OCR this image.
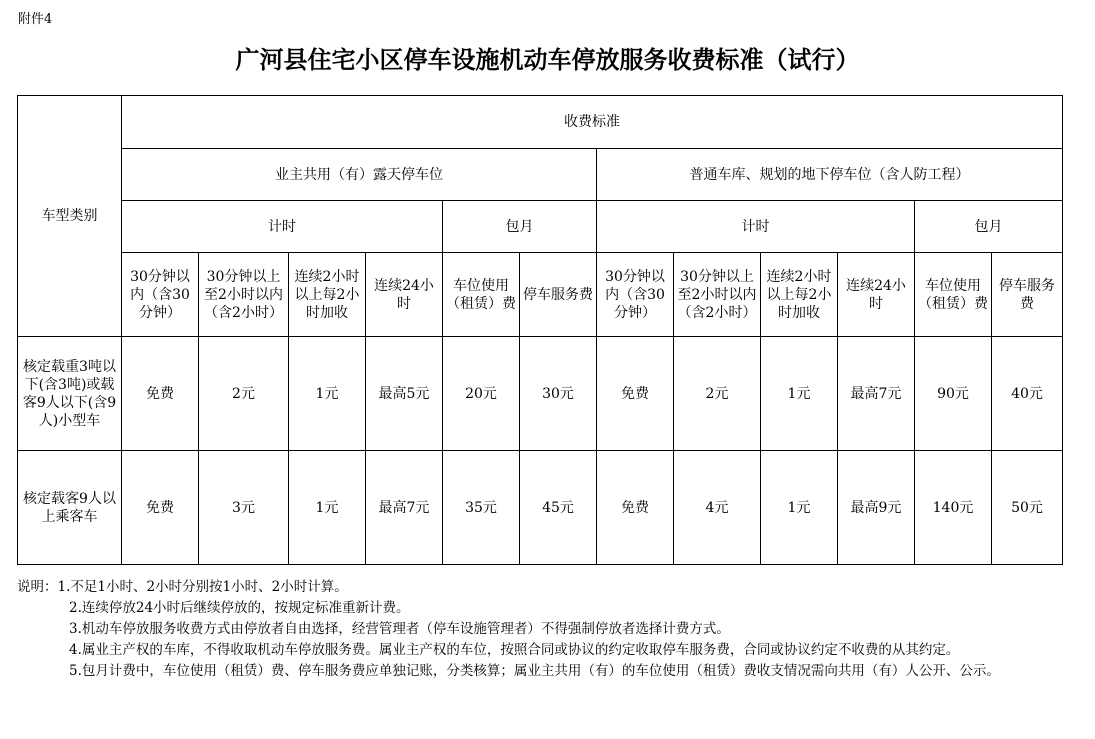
附件4
广河县住宅小区停车设施机动车停放服务收费标准（试行）
车型类别	收费标准											
	业主共用（有）露天停车位						普通车库、规划的地下停车位（含人防工程）					
	计时				包月		计时				包月	
	30分钟以内（含30分钟）	30分钟以上至2小时以内（含2小时）	连续2小时以上每2小时加收	连续24小时	车位使用（租赁）费	停车服务费	30分钟以内（含30分钟）	30分钟以上至2小时以内（含2小时）	连续2小时以上每2小时加收	连续24小时	车位使用（租赁）费	停车服务费
核定载重3吨以下(含3吨)或载客9人以下(含9人)小型车	免费	2元	1元	最高5元	20元	30元	免费	2元	1元	最高7元	90元	40元
核定载客9人以上乘客车	免费	3元	1元	最高7元	35元	45元	免费	4元	1元	最高9元	140元	50元
说明：1.不足1小时、2小时分别按1小时、2小时计算。
2.连续停放24小时后继续停放的，按规定标准重新计费。
3.机动车停放服务收费方式由停放者自由选择，经营管理者（停车设施管理者）不得强制停放者选择计费方式。
4.属业主产权的车库，不得收取机动车停放服务费。属业主产权的车位，按照合同或协议的约定收取停车服务费，合同或协议约定不收费的从其约定。
5.包月计费中，车位使用（租赁）费、停车服务费应单独记账，分类核算；属业主共用（有）的车位使用（租赁）费收支情况需向共用（有）人公开、公示。
